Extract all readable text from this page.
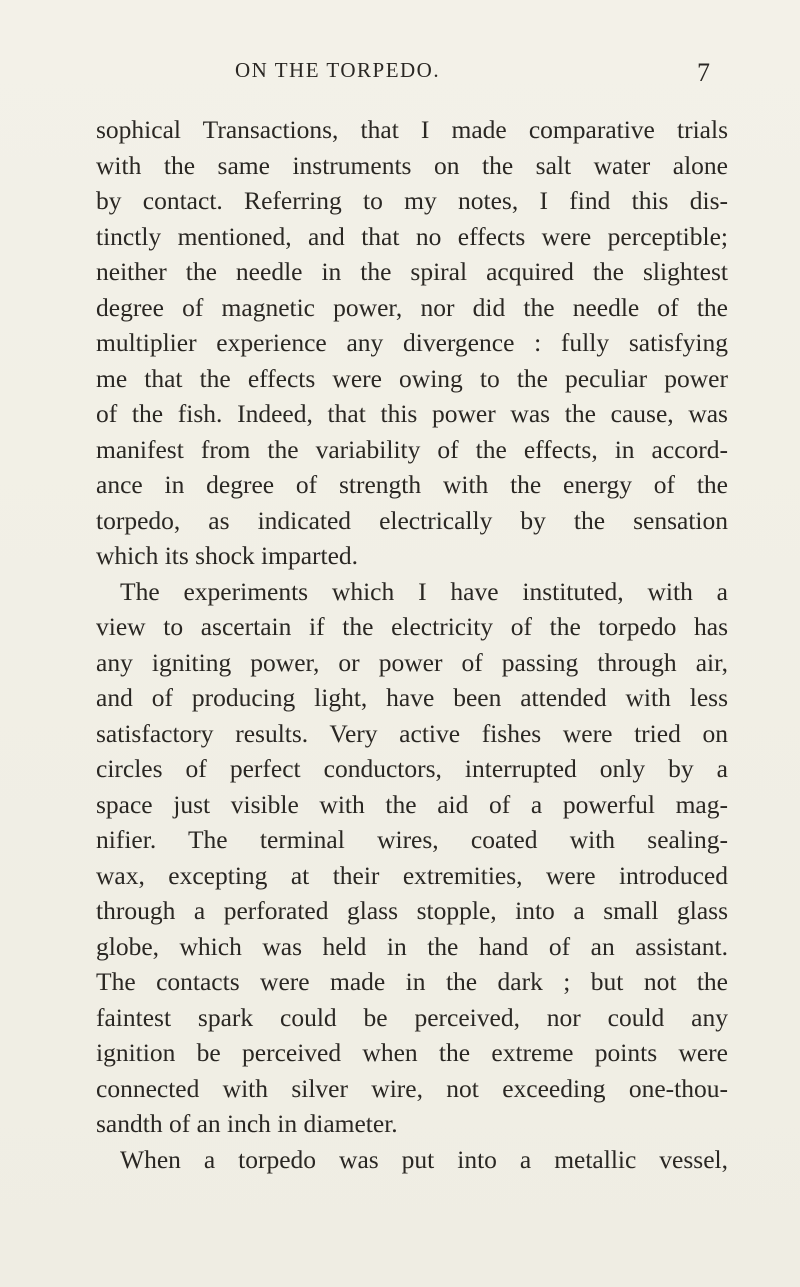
ON THE TORPEDO.	7
sophical Transactions, that I made comparative trials
with the same instruments on the salt water alone
by contact. Referring to my notes, I find this dis-
tinctly mentioned, and that no effects were perceptible;
neither the needle in the spiral acquired the slightest
degree of magnetic power, nor did the needle of the
multiplier experience any divergence : fully satisfying
me that the effects were owing to the peculiar power
of the fish. Indeed, that this power was the cause, was
manifest from the variability of the effects, in accord-
ance in degree of strength with the energy of the
torpedo, as indicated electrically by the sensation
which its shock imparted.
The experiments which I have instituted, with a
view to ascertain if the electricity of the torpedo has
any igniting power, or power of passing through air,
and of producing light, have been attended with less
satisfactory results. Very active fishes were tried on
circles of perfect conductors, interrupted only by a
space just visible with the aid of a powerful mag-
nifier. The terminal wires, coated with sealing-
wax, excepting at their extremities, were introduced
through a perforated glass stopple, into a small glass
globe, which was held in the hand of an assistant.
The contacts were made in the dark ; but not the
faintest spark could be perceived, nor could any
ignition be perceived when the extreme points were
connected with silver wire, not exceeding one-thou-
sandth of an inch in diameter.
When a torpedo was put into a metallic vessel,
